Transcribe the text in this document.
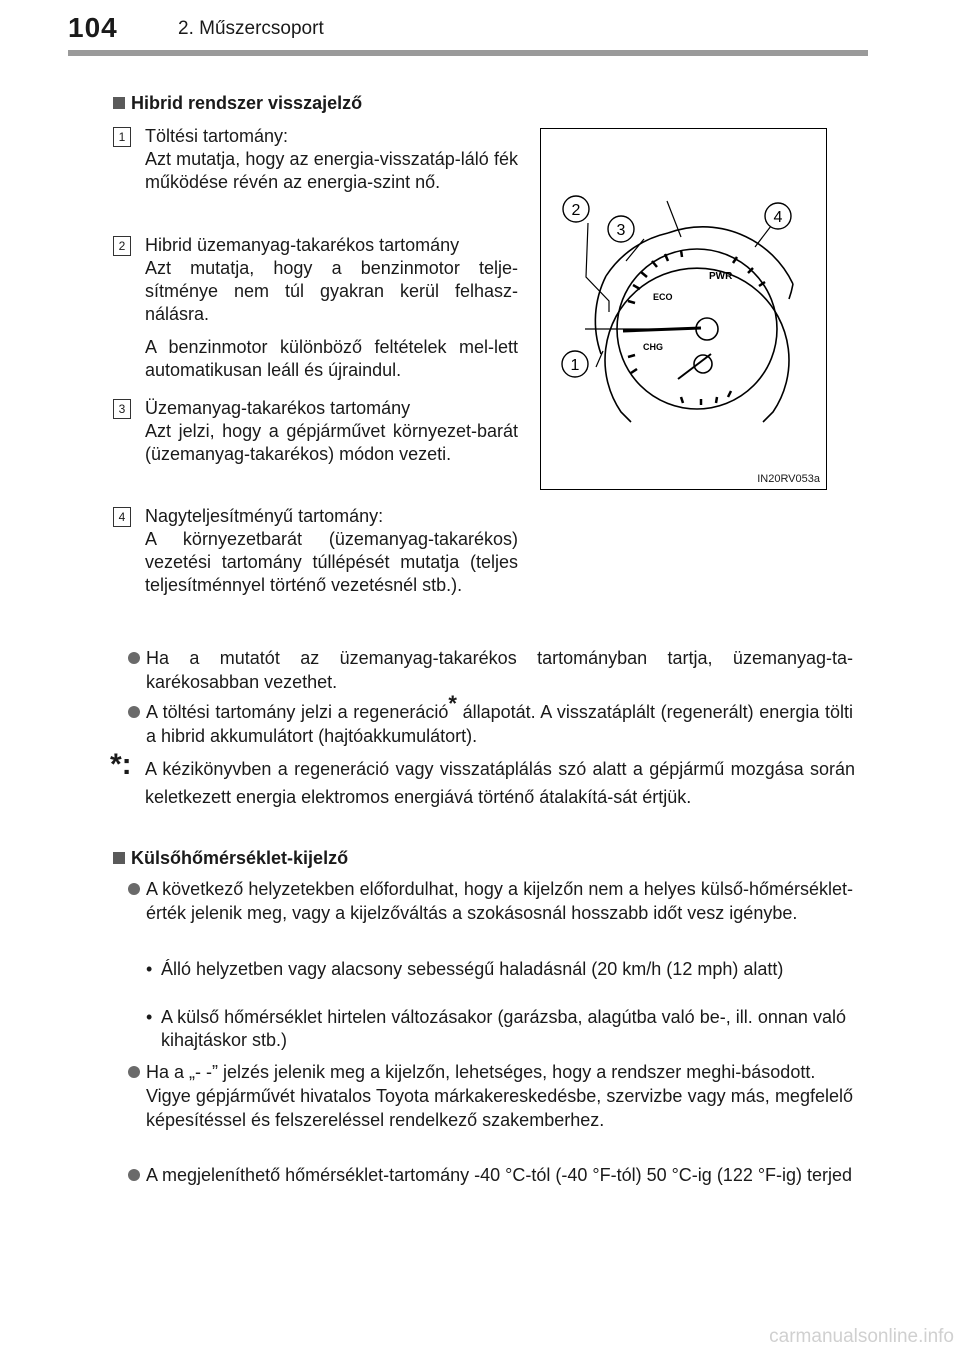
104	2. Műszercsoport
Hibrid rendszer visszajelző
1	Töltési tartomány:
Azt mutatja, hogy az energia-visszatáp-láló fék működése révén az energia-szint nő.
2	Hibrid üzemanyag-takarékos tartomány
Azt mutatja, hogy a benzinmotor telje-sítménye nem túl gyakran kerül felhasz-nálásra.
A benzinmotor különböző feltételek mel-lett automatikusan leáll és újraindul.
3	Üzemanyag-takarékos tartomány
Azt jelzi, hogy a gépjárművet környezet-barát (üzemanyag-takarékos) módon vezeti.
4	Nagyteljesítményű tartomány:
A környezetbarát (üzemanyag-takarékos) vezetési tartomány túllépését mutatja (teljes teljesítménnyel történő vezetésnél stb.).
PWR
ECO
CHG
1
2
3
4
IN20RV053a
Ha a mutatót az üzemanyag-takarékos tartományban tartja, üzemanyag-ta-karékosabban vezethet.
A töltési tartomány jelzi a regeneráció* állapotát. A visszatáplált (regenerált) energia tölti a hibrid akkumulátort (hajtóakkumulátort).
*: A kézikönyvben a regeneráció vagy visszatáplálás szó alatt a gépjármű mozgása során keletkezett energia elektromos energiává történő átalakítá-sát értjük.
Külsőhőmérséklet-kijelző
A következő helyzetekben előfordulhat, hogy a kijelzőn nem a helyes külső-hőmérséklet-érték jelenik meg, vagy a kijelzőváltás a szokásosnál hosszabb időt vesz igénybe.
• Álló helyzetben vagy alacsony sebességű haladásnál (20 km/h (12 mph) alatt)
• A külső hőmérséklet hirtelen változásakor (garázsba, alagútba való be-, ill. onnan való kihajtáskor stb.)
Ha a „- -” jelzés jelenik meg a kijelzőn, lehetséges, hogy a rendszer meghi-básodott.
Vigye gépjárművét hivatalos Toyota márkakereskedésbe, szervizbe vagy más, megfelelő képesítéssel és felszereléssel rendelkező szakemberhez.
A megjeleníthető hőmérséklet-tartomány -40 °C-tól (-40 °F-tól) 50 °C-ig (122 °F-ig) terjed
carmanualsonline.info
